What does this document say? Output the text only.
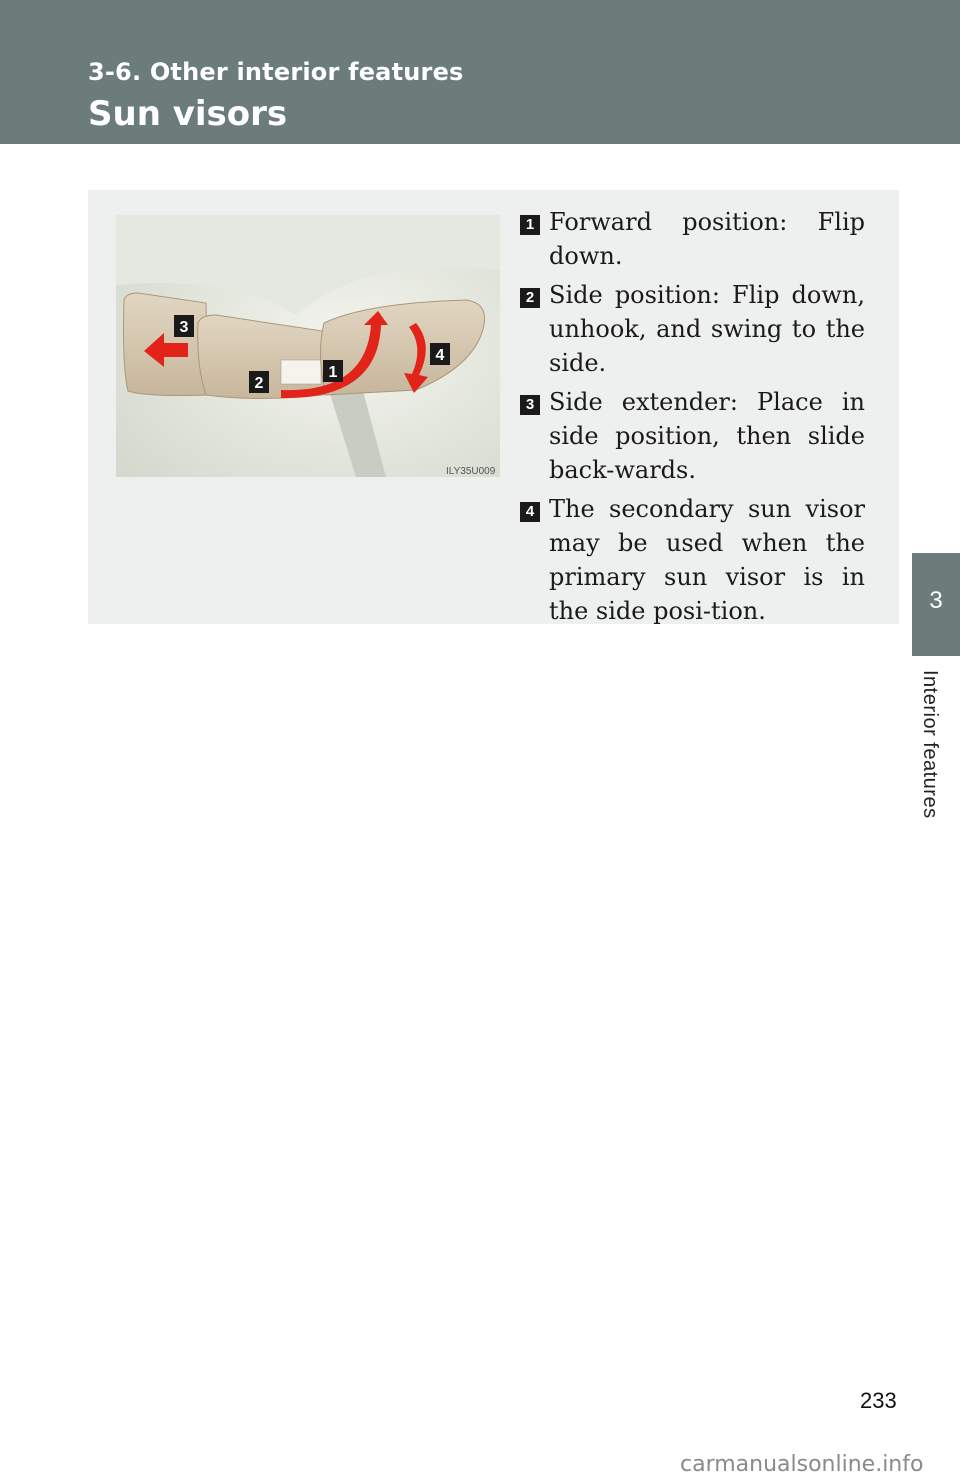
3-6. Other interior features
Sun visors
3
2
1
4
ILY35U009
1 Forward position: Flip down.
2 Side position: Flip down, unhook, and swing to the side.
3 Side extender: Place in side position, then slide back-wards.
4 The secondary sun visor may be used when the primary sun visor is in the side posi-tion.	3
Interior features
233
carmanualsonline.info
